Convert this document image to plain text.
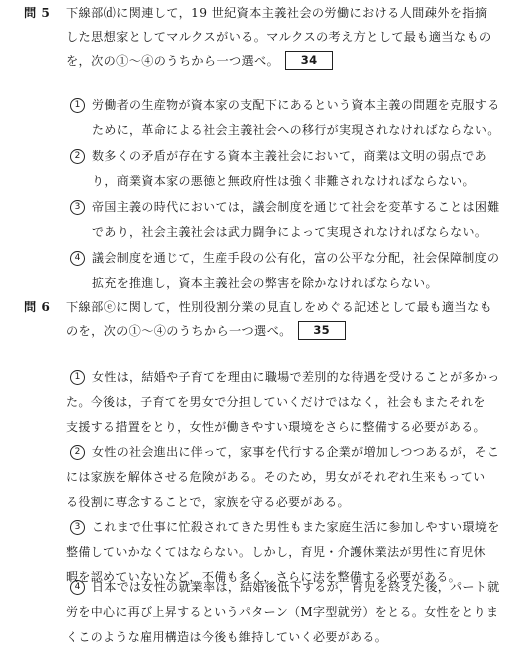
問 5 下線部⒟に関連して，19 世紀資本主義社会の労働における人間疎外を指摘
した思想家としてマルクスがいる。マルクスの考え方として最も適当なもの
を，次の①〜④のうちから一つ選べ。 34
1 労働者の生産物が資本家の支配下にあるという資本主義の問題を克服する
ために，革命による社会主義社会への移行が実現されなければならない。
2 数多くの矛盾が存在する資本主義社会において，商業は文明の弱点であ
り，商業資本家の悪徳と無政府性は強く非難されなければならない。
3 帝国主義の時代においては，議会制度を通じて社会を変革することは困難
であり，社会主義社会は武力闘争によって実現されなければならない。
4 議会制度を通じて，生産手段の公有化，富の公平な分配，社会保障制度の
拡充を推進し，資本主義社会の弊害を除かなければならない。
問 6 下線部ⓔに関して，性別役割分業の見直しをめぐる記述として最も適当なも
のを，次の①〜④のうちから一つ選べ。 35
1 女性は，結婚や子育てを理由に職場で差別的な待遇を受けることが多かっ
た。今後は，子育てを男女で分担していくだけではなく，社会もまたそれを
支援する措置をとり，女性が働きやすい環境をさらに整備する必要がある。
2 女性の社会進出に伴って，家事を代行する企業が増加しつつあるが，そこ
には家族を解体させる危険がある。そのため，男女がそれぞれ生来もってい
る役割に専念することで，家族を守る必要がある。
3 これまで仕事に忙殺されてきた男性もまた家庭生活に参加しやすい環境を
整備していかなくてはならない。しかし，育児・介護休業法が男性に育児休
暇を認めていないなど，不備も多く，さらに法を整備する必要がある。
4 日本では女性の就業率は，結婚後低下するが，育児を終えた後，パート就
労を中心に再び上昇するというパターン（M字型就労）をとる。女性をとりま
くこのような雇用構造は今後も維持していく必要がある。
